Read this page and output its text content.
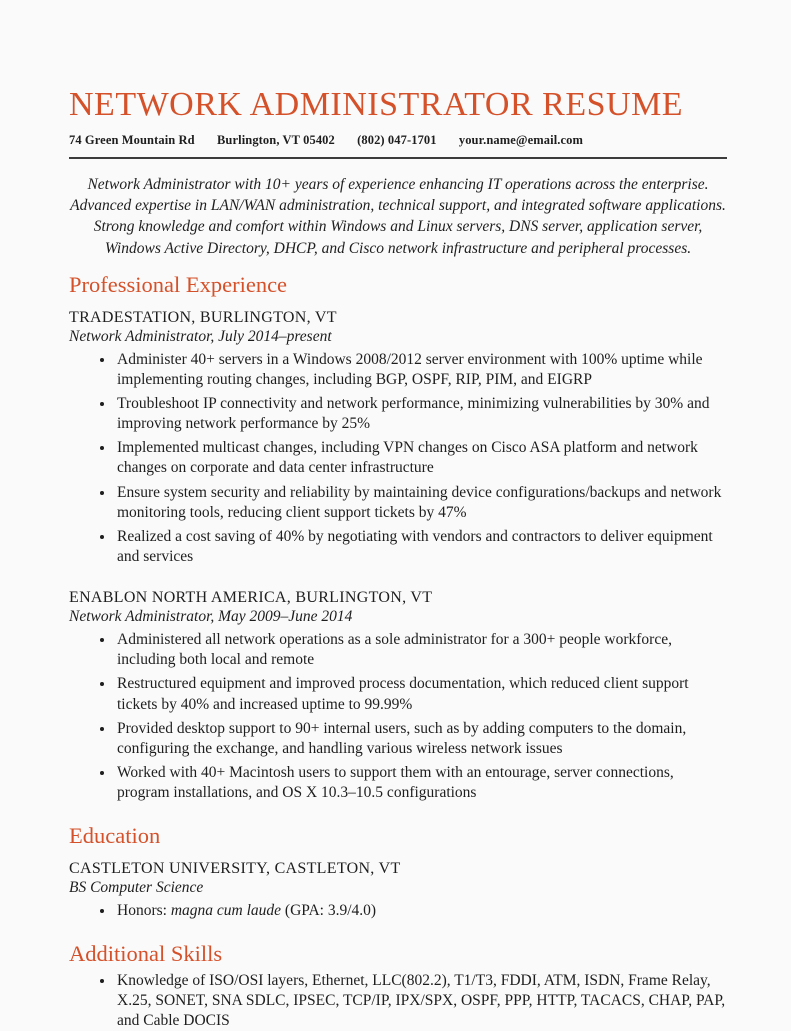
NETWORK ADMINISTRATOR RESUME
74 Green Mountain Rd Burlington, VT 05402 (802) 047-1701 your.name@email.com

Network Administrator with 10+ years of experience enhancing IT operations across the enterprise. Advanced expertise in LAN/WAN administration, technical support, and integrated software applications. Strong knowledge and comfort within Windows and Linux servers, DNS server, application server, Windows Active Directory, DHCP, and Cisco network infrastructure and peripheral processes.

Professional Experience
TRADESTATION, BURLINGTON, VT
Network Administrator, July 2014–present
• Administer 40+ servers in a Windows 2008/2012 server environment with 100% uptime while implementing routing changes, including BGP, OSPF, RIP, PIM, and EIGRP
• Troubleshoot IP connectivity and network performance, minimizing vulnerabilities by 30% and improving network performance by 25%
• Implemented multicast changes, including VPN changes on Cisco ASA platform and network changes on corporate and data center infrastructure
• Ensure system security and reliability by maintaining device configurations/backups and network monitoring tools, reducing client support tickets by 47%
• Realized a cost saving of 40% by negotiating with vendors and contractors to deliver equipment and services
ENABLON NORTH AMERICA, BURLINGTON, VT
Network Administrator, May 2009–June 2014
• Administered all network operations as a sole administrator for a 300+ people workforce, including both local and remote
• Restructured equipment and improved process documentation, which reduced client support tickets by 40% and increased uptime to 99.99%
• Provided desktop support to 90+ internal users, such as by adding computers to the domain, configuring the exchange, and handling various wireless network issues
• Worked with 40+ Macintosh users to support them with an entourage, server connections, program installations, and OS X 10.3–10.5 configurations
Education
CASTLETON UNIVERSITY, CASTLETON, VT
BS Computer Science
• Honors: magna cum laude (GPA: 3.9/4.0)
Additional Skills
• Knowledge of ISO/OSI layers, Ethernet, LLC(802.2), T1/T3, FDDI, ATM, ISDN, Frame Relay, X.25, SONET, SNA SDLC, IPSEC, TCP/IP, IPX/SPX, OSPF, PPP, HTTP, TACACS, CHAP, PAP, and Cable DOCIS
